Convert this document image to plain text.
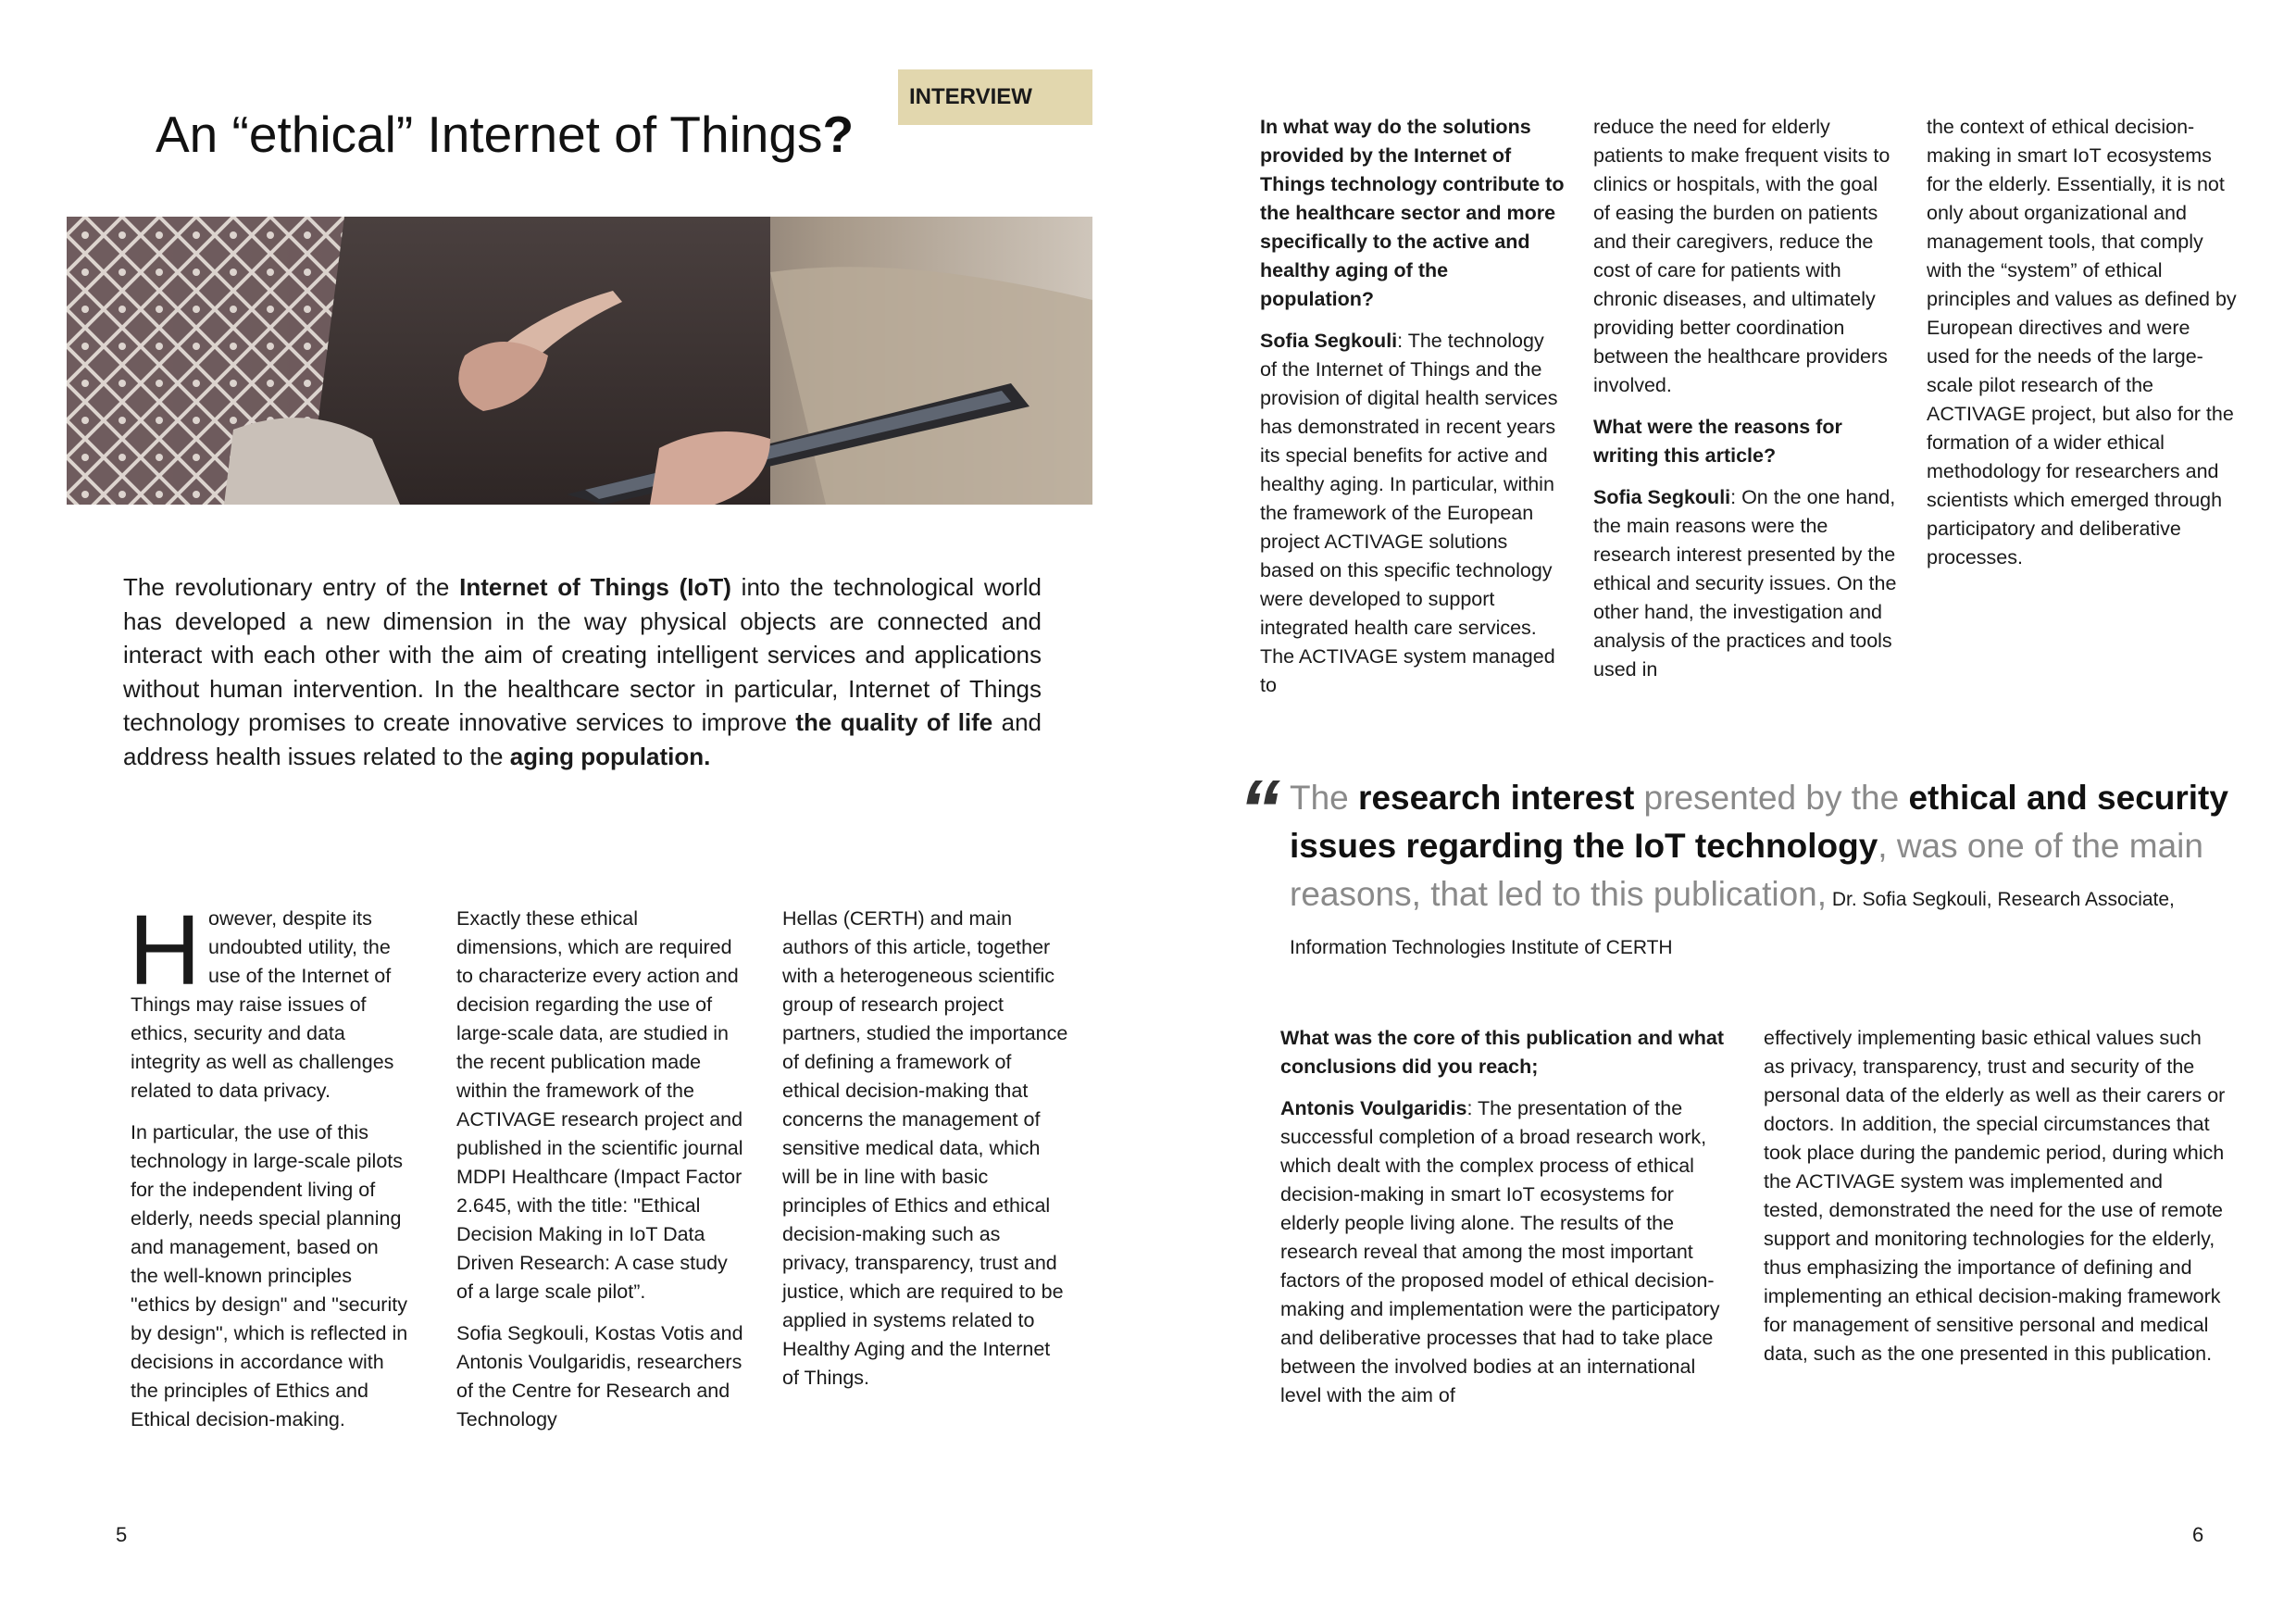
INTERVIEW
An “ethical” Internet of Things?
The revolutionary entry of the Internet of Things (IoT) into the technological world has developed a new dimension in the way physical objects are connected and interact with each other with the aim of creating intelligent services and applications without human intervention. In the healthcare sector in particular, Internet of Things technology promises to create innovative services to improve the quality of life and address health issues related to the aging population.

However, despite its undoubted utility, the use of the Internet of Things may raise issues of ethics, security and data integrity as well as challenges related to data privacy.

In particular, the use of this technology in large-scale pilots for the independent living of elderly, needs special planning and management, based on the well-known principles "ethics by design" and "security by design", which is reflected in decisions in accordance with the principles of Ethics and Ethical decision-making.

Exactly these ethical dimensions, which are required to characterize every action and decision regarding the use of large-scale data, are studied in the recent publication made within the framework of the ACTIVAGE research project and published in the scientific journal MDPI Healthcare (Impact Factor 2.645, with the title: "Ethical Decision Making in IoT Data Driven Research: A case study of a large scale pilot”.

Sofia Segkouli, Kostas Votis and Antonis Voulgaridis, researchers of the Centre for Research and Technology

Hellas (CERTH) and main authors of this article, together with a heterogeneous scientific group of research project partners, studied the importance of defining a framework of ethical decision-making that concerns the management of sensitive medical data, which will be in line with basic principles of Ethics and ethical decision-making such as privacy, transparency, trust and justice, which are required to be applied in systems related to Healthy Aging and the Internet of Things.

5

In what way do the solutions provided by the Internet of Things technology contribute to the healthcare sector and more specifically to the active and healthy aging of the population?

Sofia Segkouli: The technology of the Internet of Things and the provision of digital health services has demonstrated in recent years its special benefits for active and healthy aging. In particular, within the framework of the European project ACTIVAGE solutions based on this specific technology were developed to support integrated health care services. The ACTIVAGE system managed to

reduce the need for elderly patients to make frequent visits to clinics or hospitals, with the goal of easing the burden on patients and their caregivers, reduce the cost of care for patients with chronic diseases, and ultimately providing better coordination between the healthcare providers involved.

What were the reasons for writing this article?

Sofia Segkouli: On the one hand, the main reasons were the research interest presented by the ethical and security issues. On the other hand, the investigation and analysis of the practices and tools used in

the context of ethical decision-making in smart IoT ecosystems for the elderly. Essentially, it is not only about organizational and management tools, that comply with the “system” of ethical principles and values as defined by European directives and were used for the needs of the large-scale pilot research of the ACTIVAGE project, but also for the formation of a wider ethical methodology for researchers and scientists which emerged through participatory and deliberative processes.

“ The research interest presented by the ethical and security issues regarding the IoT technology, was one of the main reasons, that led to this publication, Dr. Sofia Segkouli, Research Associate, Information Technologies Institute of CERTH

What was the core of this publication and what conclusions did you reach;

Antonis Voulgaridis: The presentation of the successful completion of a broad research work, which dealt with the complex process of ethical decision-making in smart IoT ecosystems for elderly people living alone. The results of the research reveal that among the most important factors of the proposed model of ethical decision-making and implementation were the participatory and deliberative processes that had to take place between the involved bodies at an international level with the aim of

effectively implementing basic ethical values such as privacy, transparency, trust and security of the personal data of the elderly as well as their carers or doctors. In addition, the special circumstances that took place during the pandemic period, during which the ACTIVAGE system was implemented and tested, demonstrated the need for the use of remote support and monitoring technologies for the elderly, thus emphasizing the importance of defining and implementing an ethical decision-making framework for management of sensitive personal and medical data, such as the one presented in this publication.

6
